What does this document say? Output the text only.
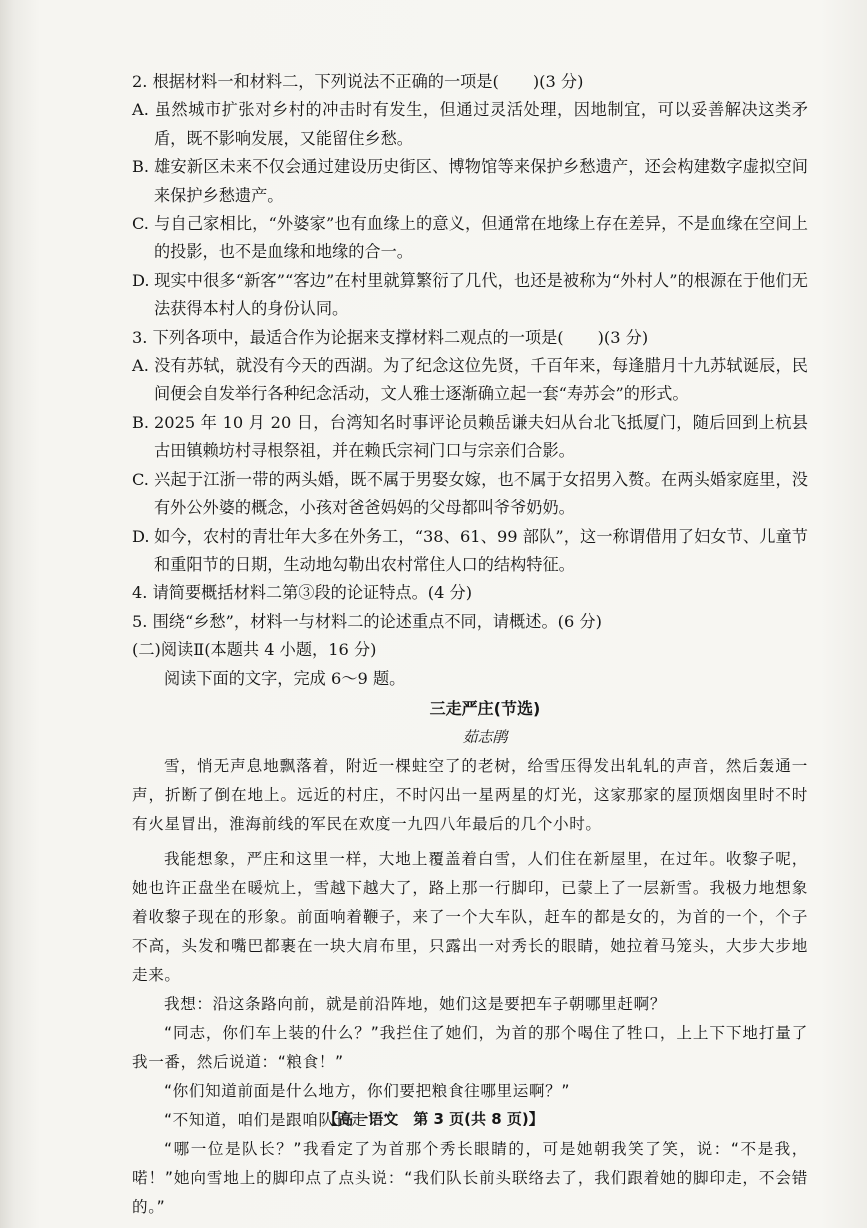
2. 根据材料一和材料二，下列说法不正确的一项是( )(3 分)

A. 虽然城市扩张对乡村的冲击时有发生，但通过灵活处理，因地制宜，可以妥善解决这类矛盾，既不影响发展，又能留住乡愁。

B. 雄安新区未来不仅会通过建设历史街区、博物馆等来保护乡愁遗产，还会构建数字虚拟空间来保护乡愁遗产。

C. 与自己家相比，“外婆家”也有血缘上的意义，但通常在地缘上存在差异，不是血缘在空间上的投影，也不是血缘和地缘的合一。

D. 现实中很多“新客”“客边”在村里就算繁衍了几代，也还是被称为“外村人”的根源在于他们无法获得本村人的身份认同。

3. 下列各项中，最适合作为论据来支撑材料二观点的一项是( )(3 分)

A. 没有苏轼，就没有今天的西湖。为了纪念这位先贤，千百年来，每逢腊月十九苏轼诞辰，民间便会自发举行各种纪念活动，文人雅士逐渐确立起一套“寿苏会”的形式。

B. 2025 年 10 月 20 日，台湾知名时事评论员赖岳谦夫妇从台北飞抵厦门，随后回到上杭县古田镇赖坊村寻根祭祖，并在赖氏宗祠门口与宗亲们合影。

C. 兴起于江浙一带的两头婚，既不属于男娶女嫁，也不属于女招男入赘。在两头婚家庭里，没有外公外婆的概念，小孩对爸爸妈妈的父母都叫爷爷奶奶。

D. 如今，农村的青壮年大多在外务工，“38、61、99 部队”，这一称谓借用了妇女节、儿童节和重阳节的日期，生动地勾勒出农村常住人口的结构特征。

4. 请简要概括材料二第③段的论证特点。(4 分)

5. 围绕“乡愁”，材料一与材料二的论述重点不同，请概述。(6 分)

(二)阅读Ⅱ(本题共 4 小题，16 分)

阅读下面的文字，完成 6～9 题。

三走严庄(节选)

茹志鹃

雪，悄无声息地飘落着，附近一棵蛀空了的老树，给雪压得发出轧轧的声音，然后轰通一声，折断了倒在地上。远近的村庄，不时闪出一星两星的灯光，这家那家的屋顶烟囱里时不时有火星冒出，淮海前线的军民在欢度一九四八年最后的几个小时。

我能想象，严庄和这里一样，大地上覆盖着白雪，人们住在新屋里，在过年。收黎子呢，她也许正盘坐在暖炕上，雪越下越大了，路上那一行脚印，已蒙上了一层新雪。我极力地想象着收黎子现在的形象。前面响着鞭子，来了一个大车队，赶车的都是女的，为首的一个，个子不高，头发和嘴巴都裹在一块大肩布里，只露出一对秀长的眼睛，她拉着马笼头，大步大步地走来。

我想：沿这条路向前，就是前沿阵地，她们这是要把车子朝哪里赶啊？

“同志，你们车上装的什么？”我拦住了她们，为首的那个喝住了牲口，上上下下地打量了我一番，然后说道：“粮食！”

“你们知道前面是什么地方，你们要把粮食往哪里运啊？”

“不知道，咱们是跟咱队长走！”

“哪一位是队长？”我看定了为首那个秀长眼睛的，可是她朝我笑了笑，说：“不是我，喏！”她向雪地上的脚印点了点头说：“我们队长前头联络去了，我们跟着她的脚印走，不会错的。”

【高一语文　第 3 页(共 8 页)】
